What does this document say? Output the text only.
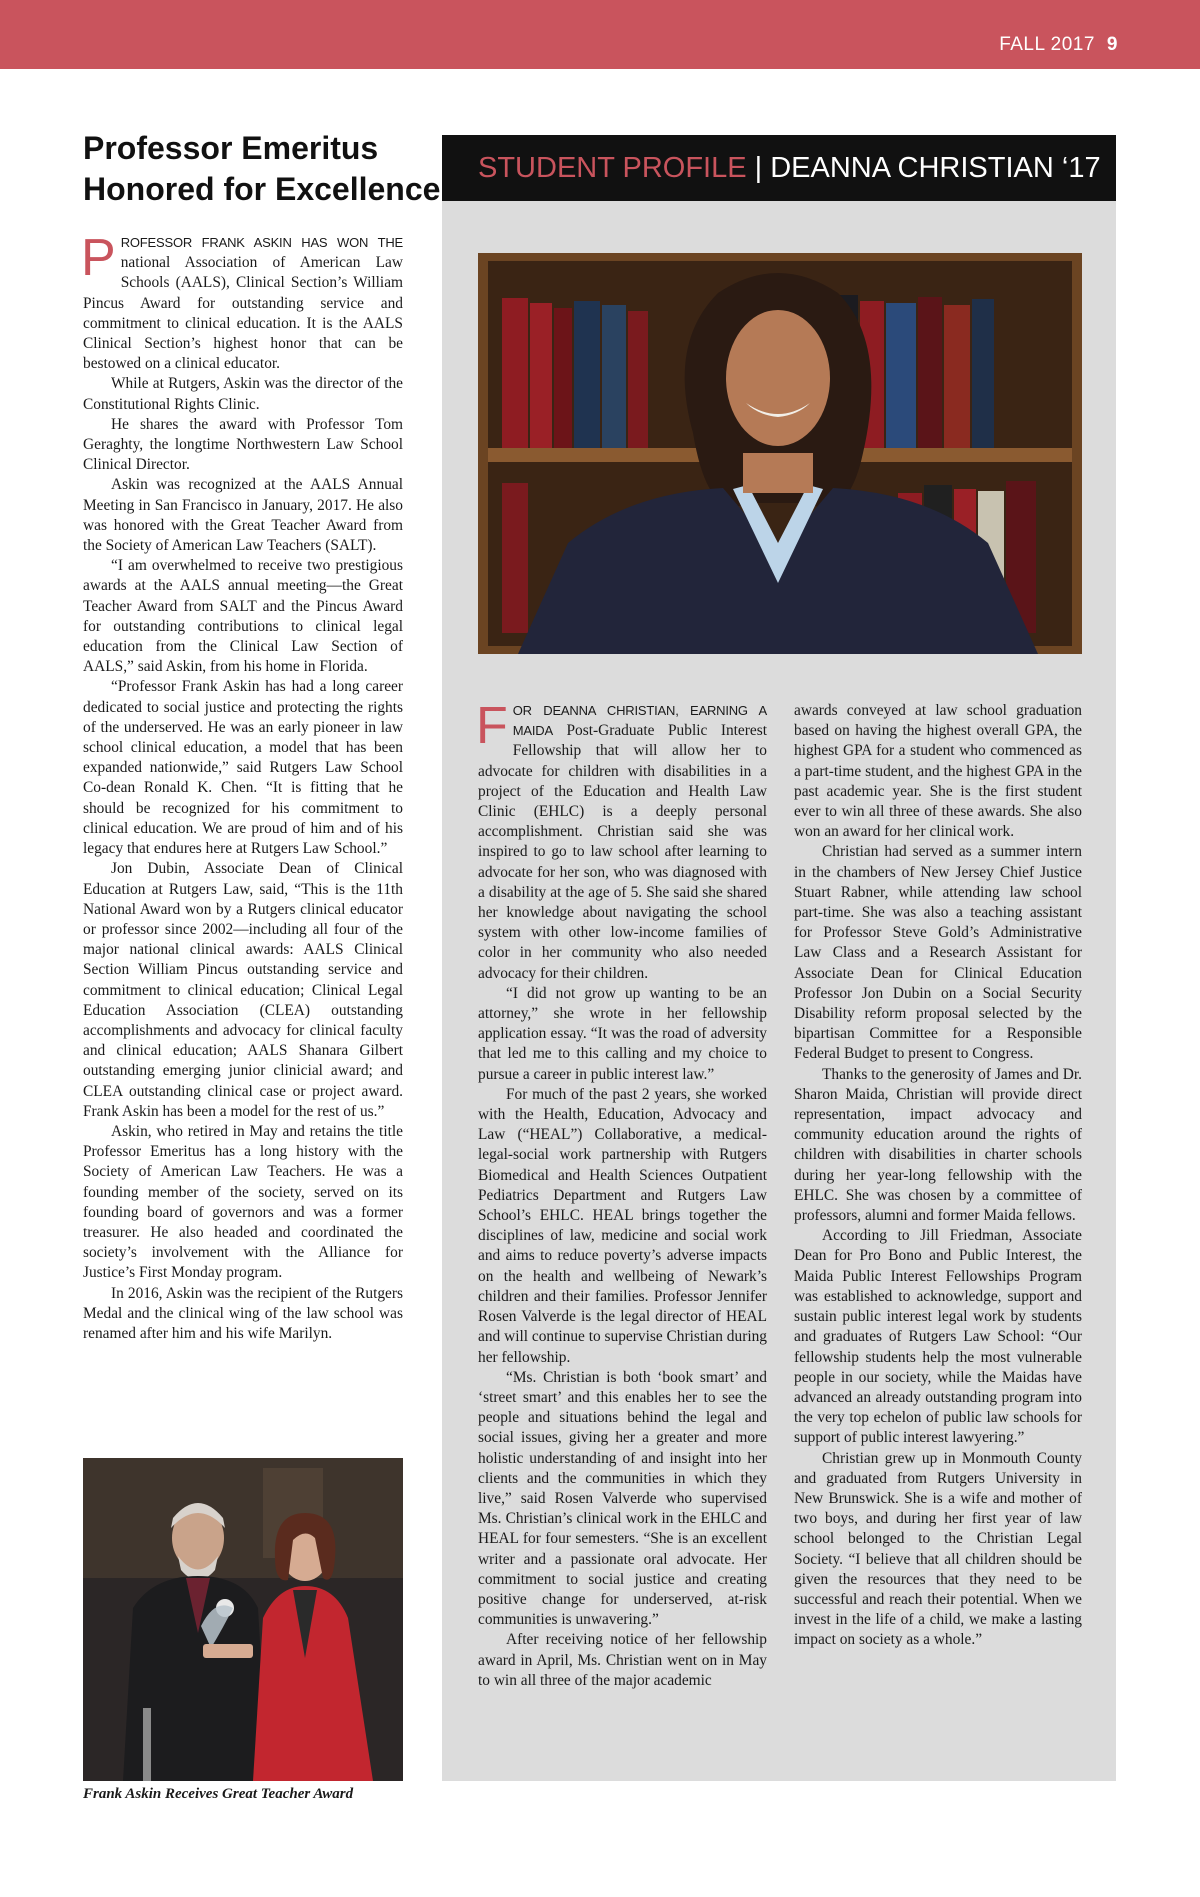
FALL 2017 9
Professor Emeritus
Honored for Excellence

PROFESSOR FRANK ASKIN HAS WON THE national Association of American Law Schools (AALS), Clinical Section’s William Pincus Award for outstanding service and commitment to clinical education. It is the AALS Clinical Section’s highest honor that can be bestowed on a clinical educator.

While at Rutgers, Askin was the director of the Constitutional Rights Clinic.

He shares the award with Professor Tom Geraghty, the longtime Northwestern Law School Clinical Director.

Askin was recognized at the AALS Annual Meeting in San Francisco in January, 2017. He also was honored with the Great Teacher Award from the Society of American Law Teachers (SALT).

“I am overwhelmed to receive two prestigious awards at the AALS annual meeting—the Great Teacher Award from SALT and the Pincus Award for outstanding contributions to clinical legal education from the Clinical Law Section of AALS,” said Askin, from his home in Florida.

“Professor Frank Askin has had a long career dedicated to social justice and protecting the rights of the underserved. He was an early pioneer in law school clinical education, a model that has been expanded nationwide,” said Rutgers Law School Co-dean Ronald K. Chen. “It is fitting that he should be recognized for his commitment to clinical education. We are proud of him and of his legacy that endures here at Rutgers Law School.”

Jon Dubin, Associate Dean of Clinical Education at Rutgers Law, said, “This is the 11th National Award won by a Rutgers clinical educator or professor since 2002—including all four of the major national clinical awards: AALS Clinical Section William Pincus outstanding service and commitment to clinical education; Clinical Legal Education Association (CLEA) outstanding accomplishments and advocacy for clinical faculty and clinical education; AALS Shanara Gilbert outstanding emerging junior clinicial award; and CLEA outstanding clinical case or project award. Frank Askin has been a model for the rest of us.”

Askin, who retired in May and retains the title Professor Emeritus has a long history with the Society of American Law Teachers. He was a founding member of the society, served on its founding board of governors and was a former treasurer. He also headed and coordinated the society’s involvement with the Alliance for Justice’s First Monday program.

In 2016, Askin was the recipient of the Rutgers Medal and the clinical wing of the law school was renamed after him and his wife Marilyn.

Frank Askin Receives Great Teacher Award
STUDENT PROFILE | DEANNA CHRISTIAN ‘17

FOR DEANNA CHRISTIAN, EARNING A MAIDA Post-Graduate Public Interest Fellowship that will allow her to advocate for children with disabilities in a project of the Education and Health Law Clinic (EHLC) is a deeply personal accomplishment. Christian said she was inspired to go to law school after learning to advocate for her son, who was diagnosed with a disability at the age of 5. She said she shared her knowledge about navigating the school system with other low-income families of color in her community who also needed advocacy for their children.

“I did not grow up wanting to be an attorney,” she wrote in her fellowship application essay. “It was the road of adversity that led me to this calling and my choice to pursue a career in public interest law.”

For much of the past 2 years, she worked with the Health, Education, Advocacy and Law (“HEAL”) Collaborative, a medical-legal-social work partnership with Rutgers Biomedical and Health Sciences Outpatient Pediatrics Department and Rutgers Law School’s EHLC. HEAL brings together the disciplines of law, medicine and social work and aims to reduce poverty’s adverse impacts on the health and wellbeing of Newark’s children and their families. Professor Jennifer Rosen Valverde is the legal director of HEAL and will continue to supervise Christian during her fellowship.

“Ms. Christian is both ‘book smart’ and ‘street smart’ and this enables her to see the people and situations behind the legal and social issues, giving her a greater and more holistic understanding of and insight into her clients and the communities in which they live,” said Rosen Valverde who supervised Ms. Christian’s clinical work in the EHLC and HEAL for four semesters. “She is an excellent writer and a passionate oral advocate. Her commitment to social justice and creating positive change for underserved, at-risk communities is unwavering.”

After receiving notice of her fellowship award in April, Ms. Christian went on in May to win all three of the major academic

awards conveyed at law school graduation based on having the highest overall GPA, the highest GPA for a student who commenced as a part-time student, and the highest GPA in the past academic year. She is the first student ever to win all three of these awards. She also won an award for her clinical work.

Christian had served as a summer intern in the chambers of New Jersey Chief Justice Stuart Rabner, while attending law school part-time. She was also a teaching assistant for Professor Steve Gold’s Administrative Law Class and a Research Assistant for Associate Dean for Clinical Education Professor Jon Dubin on a Social Security Disability reform proposal selected by the bipartisan Committee for a Responsible Federal Budget to present to Congress.

Thanks to the generosity of James and Dr. Sharon Maida, Christian will provide direct representation, impact advocacy and community education around the rights of children with disabilities in charter schools during her year-long fellowship with the EHLC. She was chosen by a committee of professors, alumni and former Maida fellows.

According to Jill Friedman, Associate Dean for Pro Bono and Public Interest, the Maida Public Interest Fellowships Program was established to acknowledge, support and sustain public interest legal work by students and graduates of Rutgers Law School: “Our fellowship students help the most vulnerable people in our society, while the Maidas have advanced an already outstanding program into the very top echelon of public law schools for support of public interest lawyering.”

Christian grew up in Monmouth County and graduated from Rutgers University in New Brunswick. She is a wife and mother of two boys, and during her first year of law school belonged to the Christian Legal Society. “I believe that all children should be given the resources that they need to be successful and reach their potential. When we invest in the life of a child, we make a lasting impact on society as a whole.”
